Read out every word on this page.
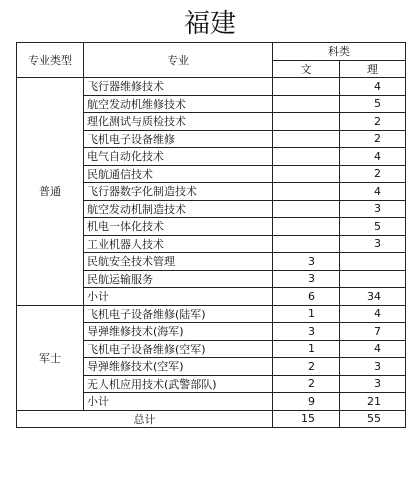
福建
专业类型	专业	科类	
		文	理
普通	飞行器维修技术		4
	航空发动机维修技术		5
	理化测试与质检技术		2
	飞机电子设备维修		2
	电气自动化技术		4
	民航通信技术		2
	飞行器数字化制造技术		4
	航空发动机制造技术		3
	机电一体化技术		5
	工业机器人技术		3
	民航安全技术管理	3	
	民航运输服务	3	
	小计	6	34
军士	飞机电子设备维修(陆军)	1	4
	导弹维修技术(海军)	3	7
	飞机电子设备维修(空军)	1	4
	导弹维修技术(空军)	2	3
	无人机应用技术(武警部队)	2	3
	小计	9	21
总计		15	55
